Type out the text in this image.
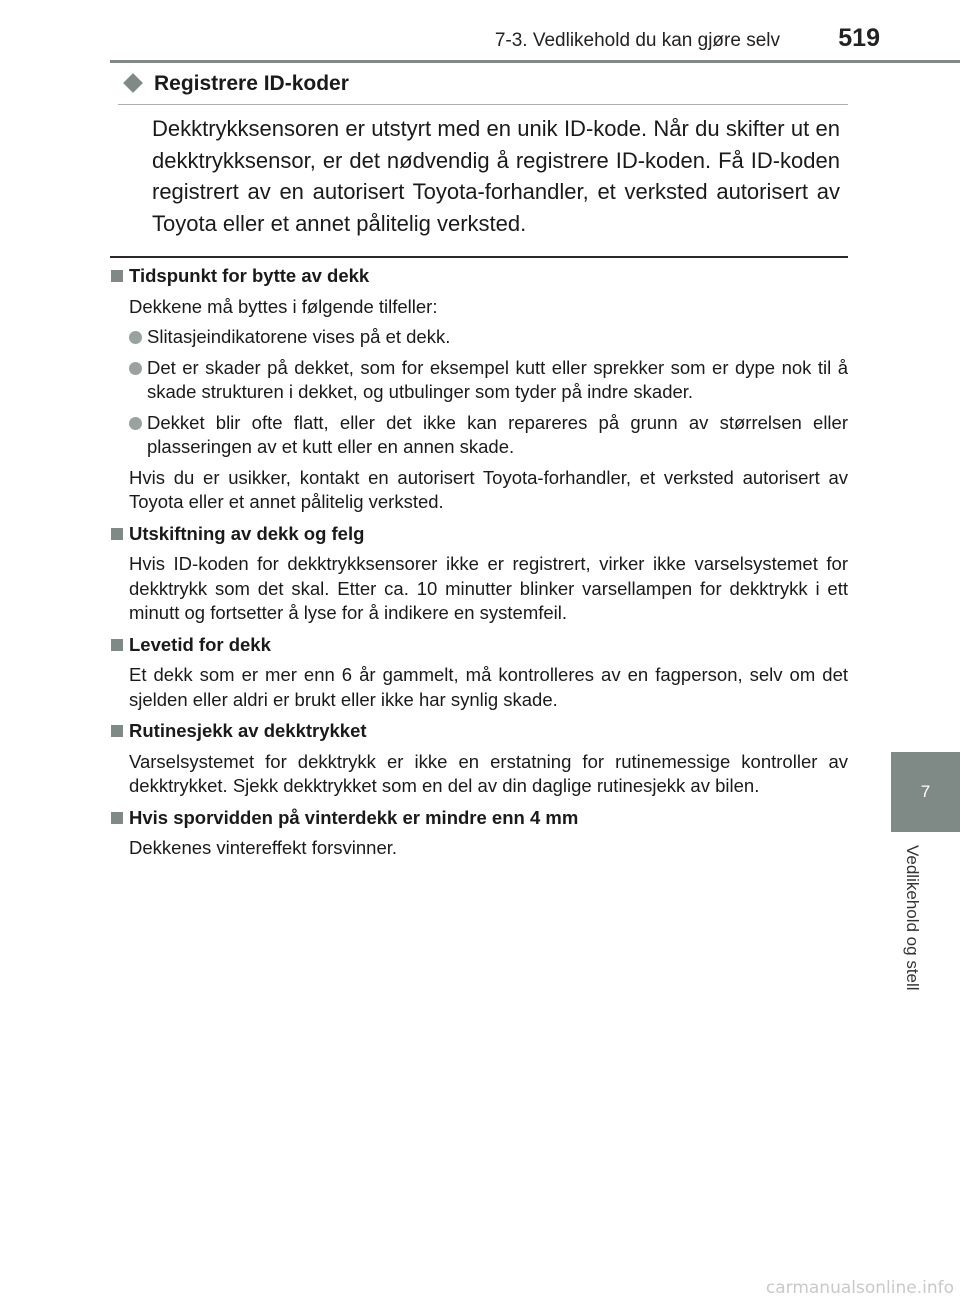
7-3. Vedlikehold du kan gjøre selv	519
7
Vedlikehold og stell
Registrere ID-koder

Dekktrykksensoren er utstyrt med en unik ID-kode. Når du skifter ut en dekktrykksensor, er det nødvendig å registrere ID-koden. Få ID-koden registrert av en autorisert Toyota-forhandler, et verksted autorisert av Toyota eller et annet pålitelig verksted.

Tidspunkt for bytte av dekk
Dekkene må byttes i følgende tilfeller:
Slitasjeindikatorene vises på et dekk.
Det er skader på dekket, som for eksempel kutt eller sprekker som er dype nok til å skade strukturen i dekket, og utbulinger som tyder på indre skader.
Dekket blir ofte flatt, eller det ikke kan repareres på grunn av størrelsen eller plasseringen av et kutt eller en annen skade.
Hvis du er usikker, kontakt en autorisert Toyota-forhandler, et verksted autorisert av Toyota eller et annet pålitelig verksted.
Utskiftning av dekk og felg
Hvis ID-koden for dekktrykksensorer ikke er registrert, virker ikke varselsystemet for dekktrykk som det skal. Etter ca. 10 minutter blinker varsellampen for dekktrykk i ett minutt og fortsetter å lyse for å indikere en systemfeil.
Levetid for dekk
Et dekk som er mer enn 6 år gammelt, må kontrolleres av en fagperson, selv om det sjelden eller aldri er brukt eller ikke har synlig skade.
Rutinesjekk av dekktrykket
Varselsystemet for dekktrykk er ikke en erstatning for rutinemessige kontroller av dekktrykket. Sjekk dekktrykket som en del av din daglige rutinesjekk av bilen.
Hvis sporvidden på vinterdekk er mindre enn 4 mm
Dekkenes vintereffekt forsvinner.
carmanualsonline.info
